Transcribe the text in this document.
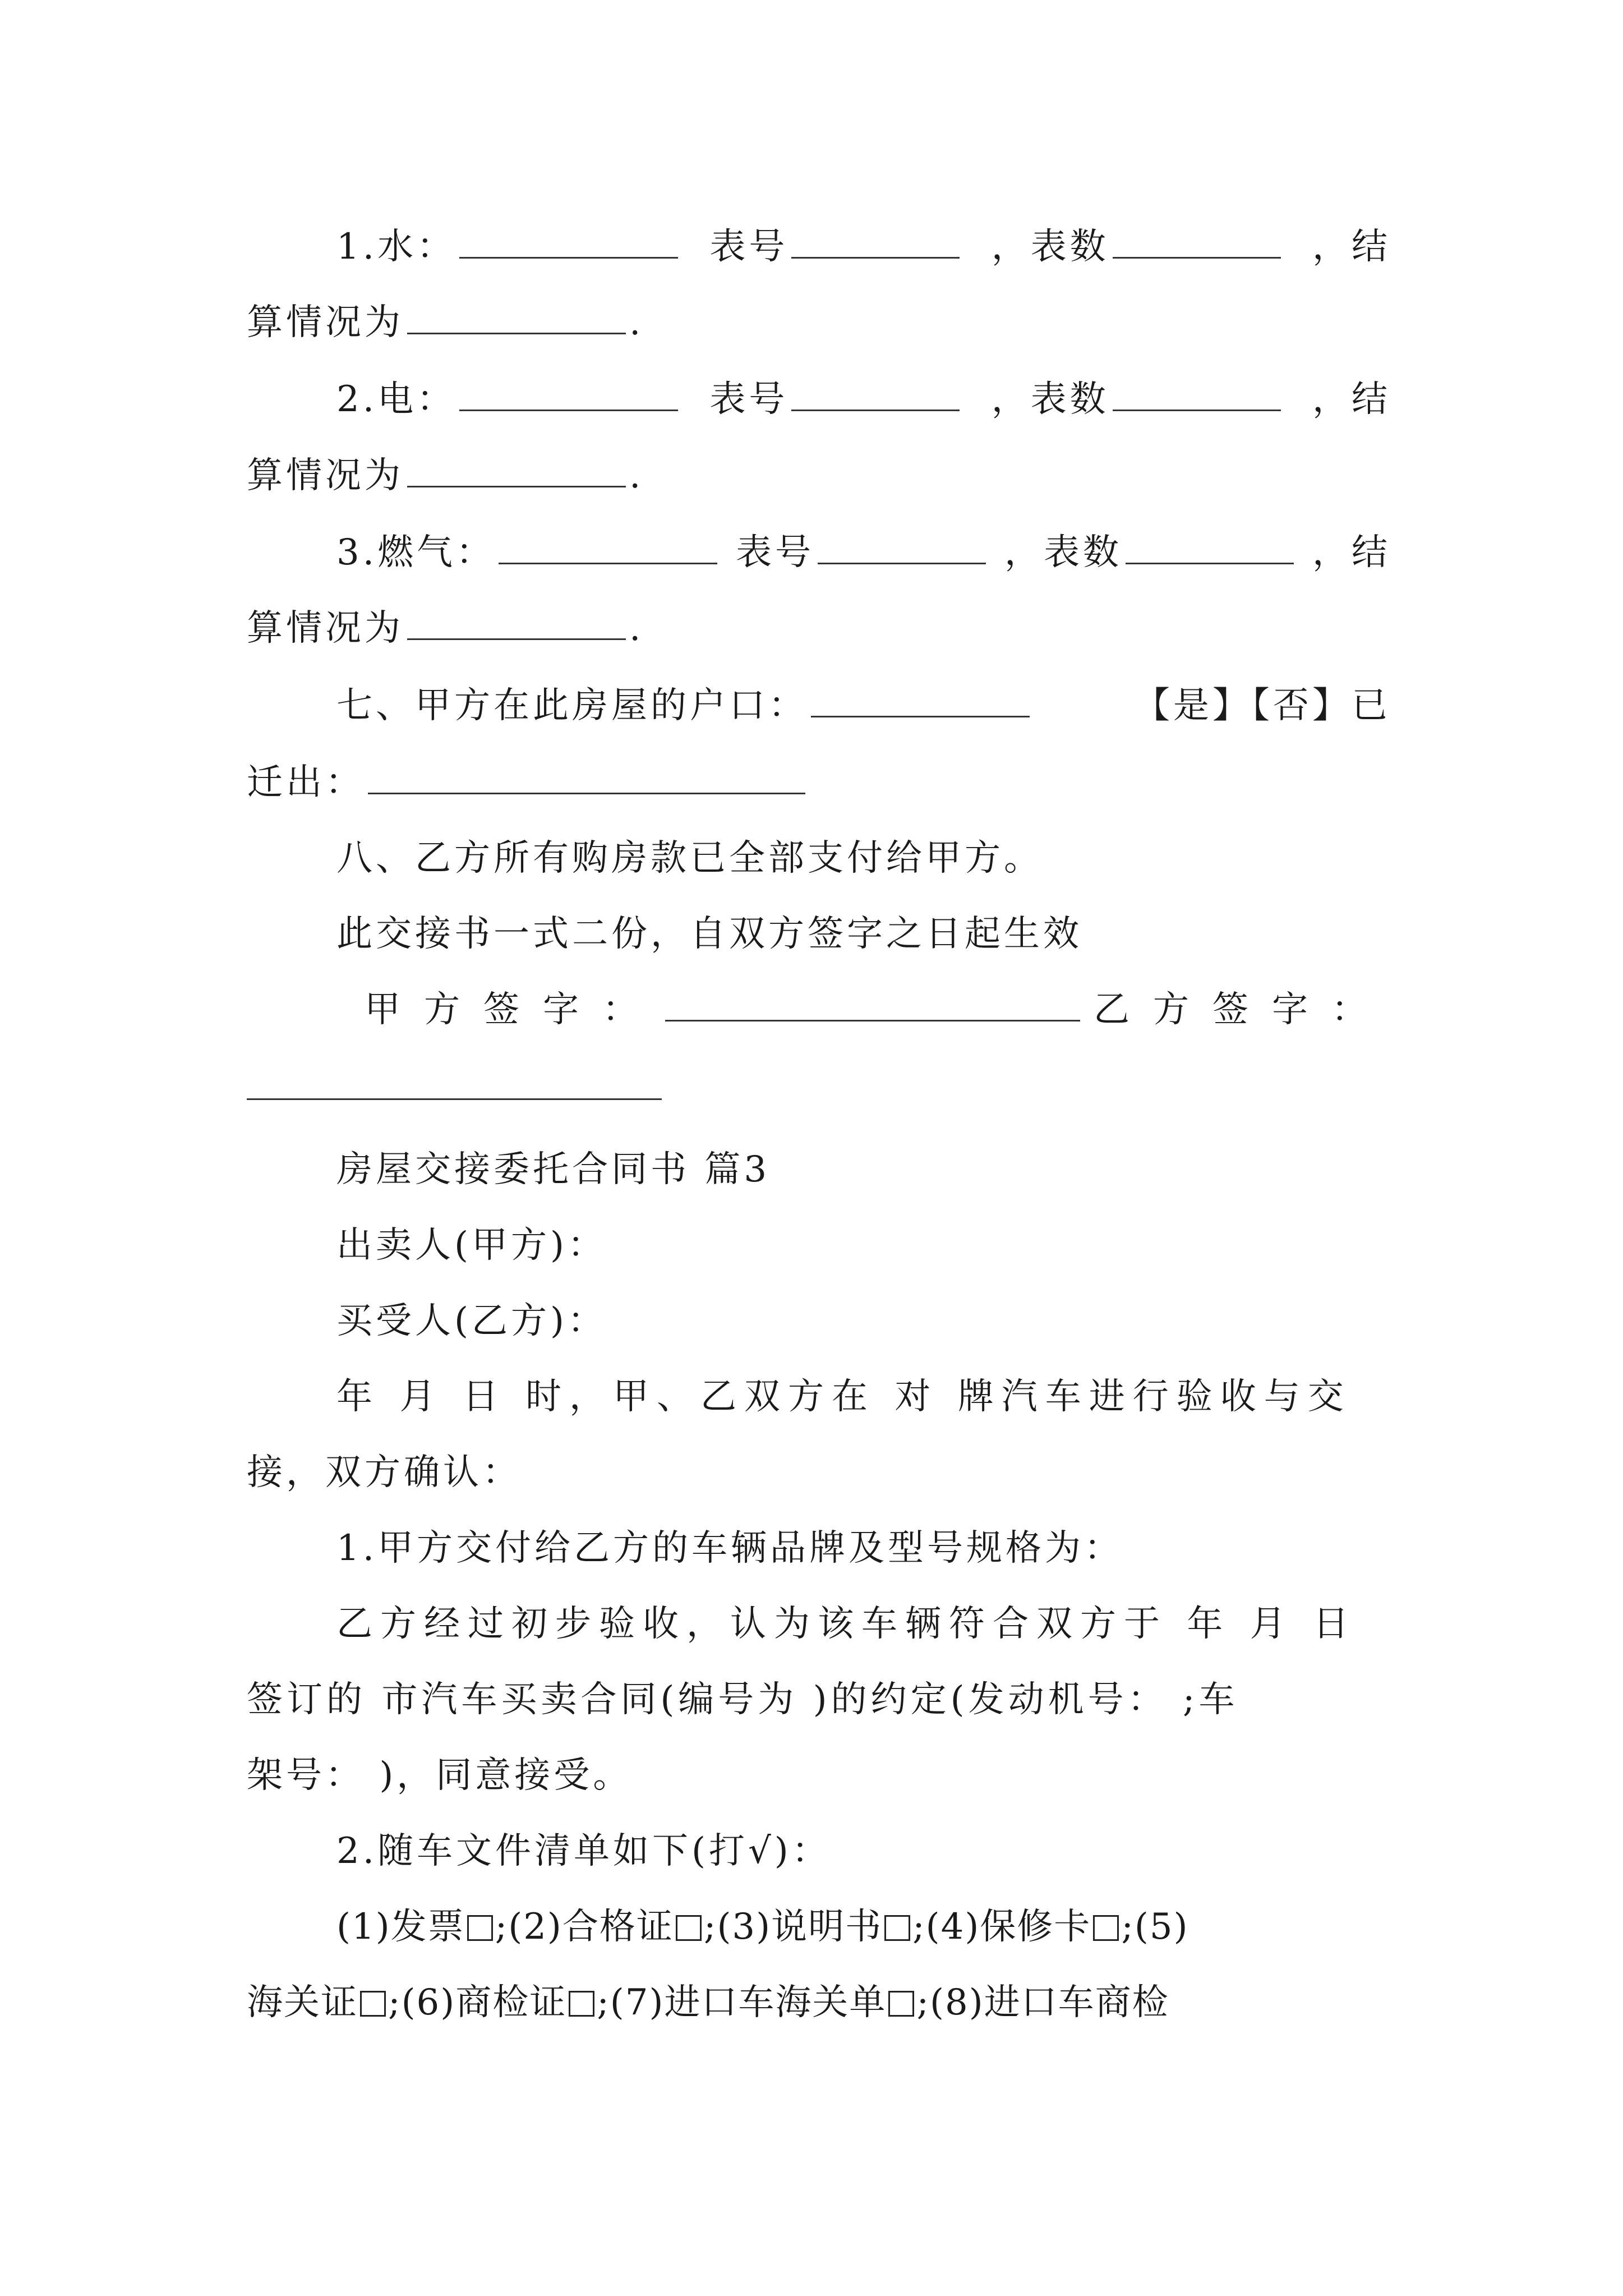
1.水：	表号	，表数	，结
算情况为	.
2.电：	表号	，表数	，结
算情况为	.
3.燃气：	表号	，表数	，结
算情况为	.
七、甲方在此房屋的户口：	【是】【否】已
迁出：
八、乙方所有购房款已全部支付给甲方。
此交接书一式二份，自双方签字之日起生效
甲方签字：	乙方签字：
房屋交接委托合同书 篇3
出卖人(甲方)：
买受人(乙方)：
年 月 日 时，甲、乙双方在 对 牌汽车进行验收与交
接，双方确认：
1.甲方交付给乙方的车辆品牌及型号规格为：
乙方经过初步验收，认为该车辆符合双方于 年 月 日
签订的 市汽车买卖合同(编号为 )的约定(发动机号： ;车
架号： )，同意接受。
2.随车文件清单如下(打√)：
(1)发票 ;(2)合格证 ;(3)说明书 ;(4)保修卡 ;(5)
海关证 ;(6)商检证 ;(7)进口车海关单 ;(8)进口车商检
